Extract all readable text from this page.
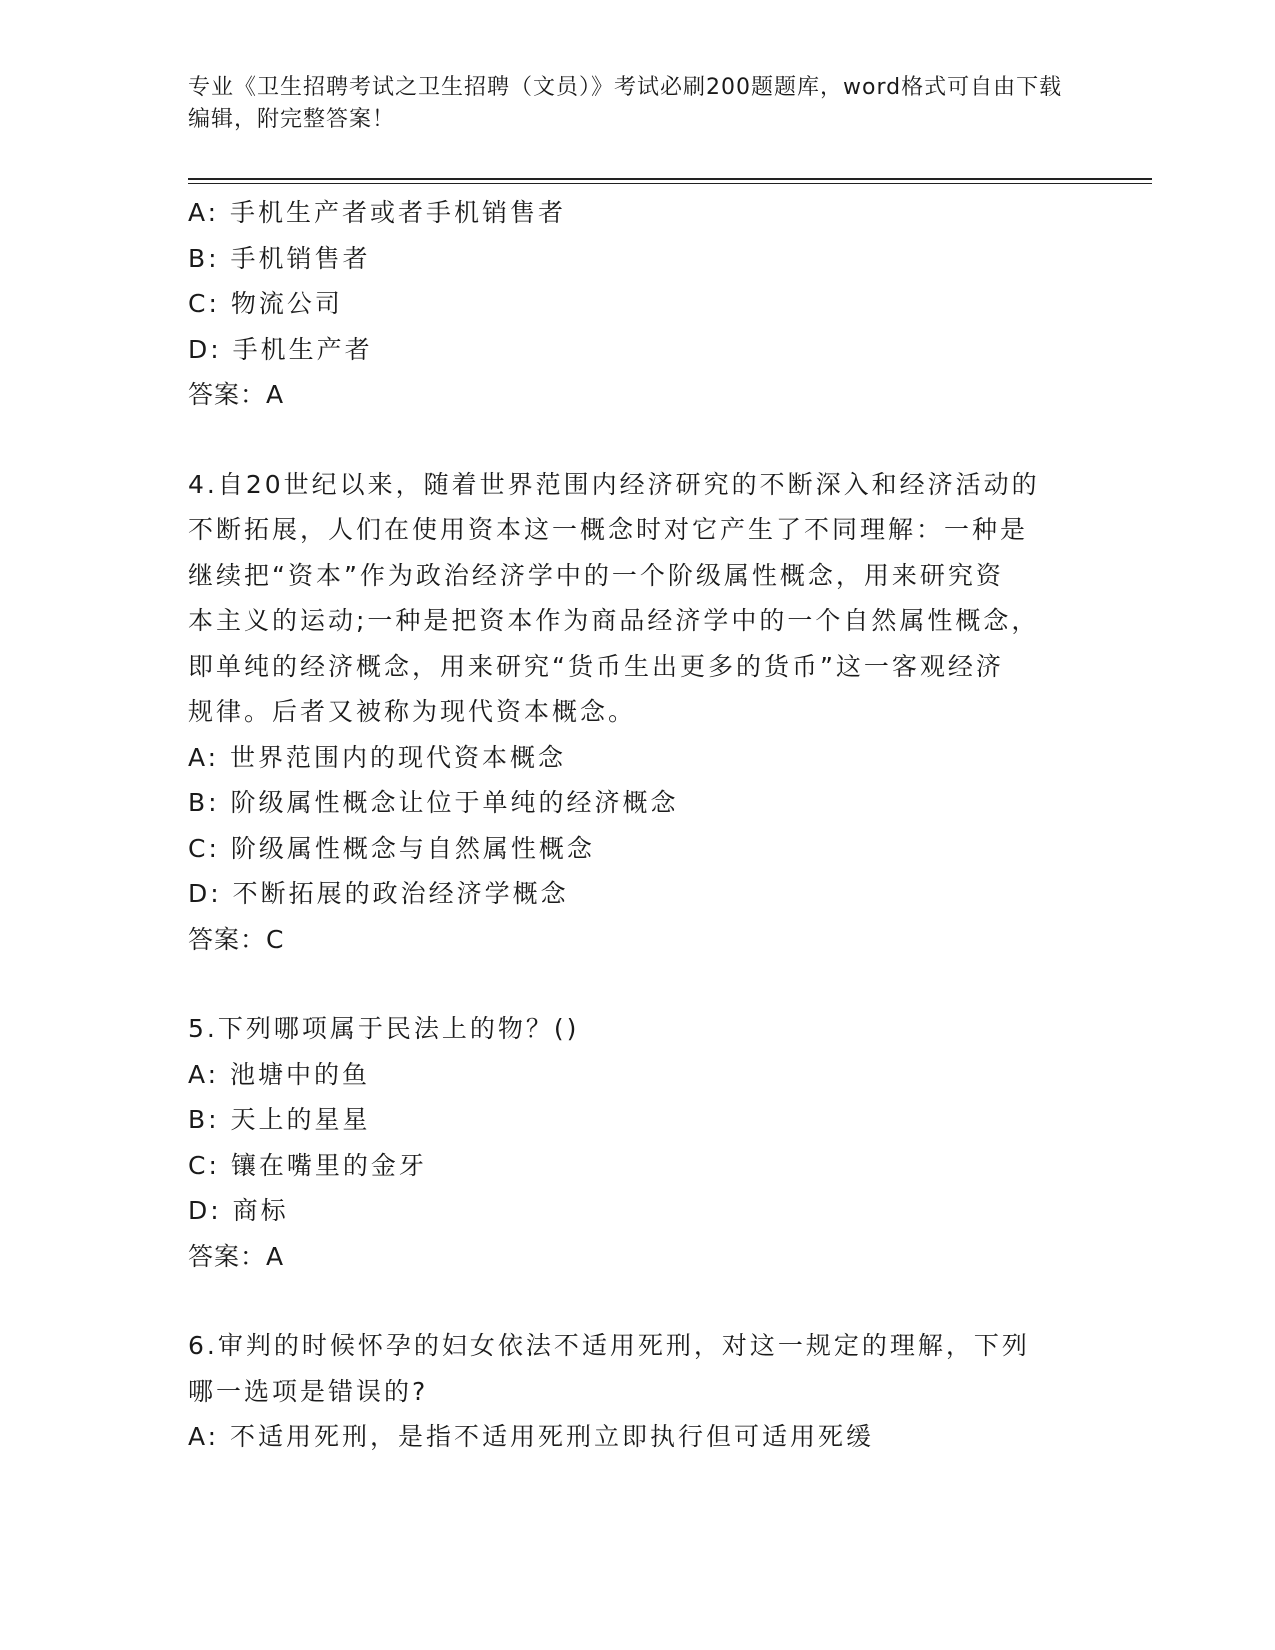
专业《卫生招聘考试之卫生招聘（文员）》考试必刷200题题库，word格式可自由下载编辑，附完整答案！
A: 手机生产者或者手机销售者
B: 手机销售者
C: 物流公司
D: 手机生产者
答案：A
4.自20世纪以来，随着世界范围内经济研究的不断深入和经济活动的
不断拓展，人们在使用资本这一概念时对它产生了不同理解：一种是
继续把“资本”作为政治经济学中的一个阶级属性概念，用来研究资
本主义的运动;一种是把资本作为商品经济学中的一个自然属性概念，
即单纯的经济概念，用来研究“货币生出更多的货币”这一客观经济
规律。后者又被称为现代资本概念。
A: 世界范围内的现代资本概念
B: 阶级属性概念让位于单纯的经济概念
C: 阶级属性概念与自然属性概念
D: 不断拓展的政治经济学概念
答案：C
5.下列哪项属于民法上的物？()
A: 池塘中的鱼
B: 天上的星星
C: 镶在嘴里的金牙
D: 商标
答案：A
6.审判的时候怀孕的妇女依法不适用死刑，对这一规定的理解，下列
哪一选项是错误的?
A: 不适用死刑，是指不适用死刑立即执行但可适用死缓
